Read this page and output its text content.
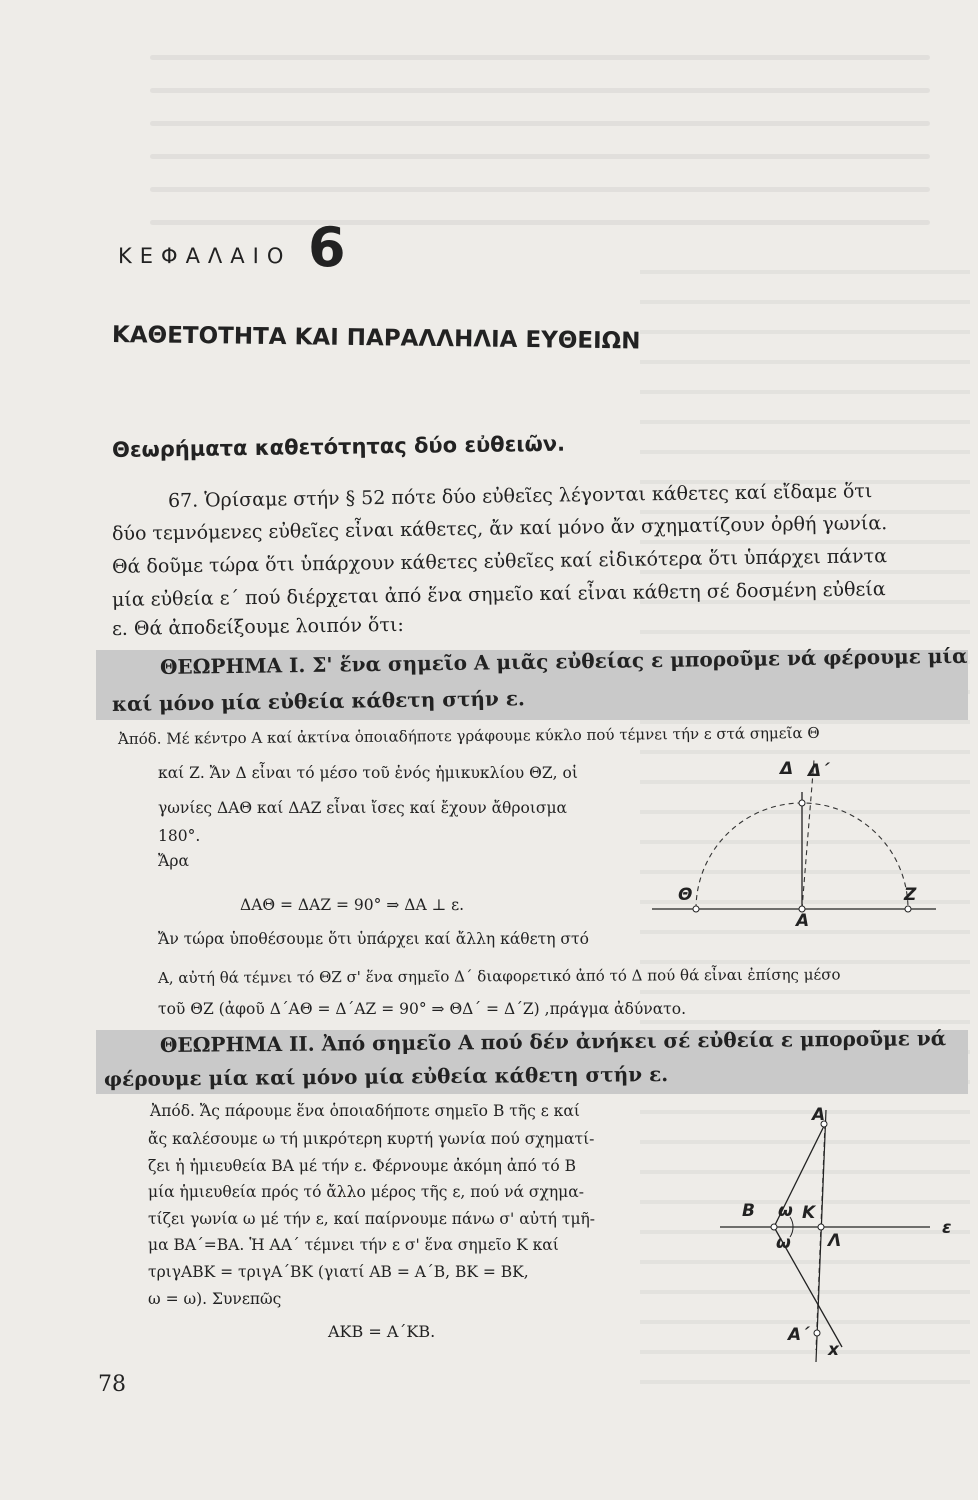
ΚΕΦΑΛΑΙΟ 6
ΚΑΘΕΤΟΤΗΤΑ ΚΑΙ ΠΑΡΑΛΛΗΛΙΑ ΕΥΘΕΙΩΝ
Θεωρήματα καθετότητας δύο εὐθειῶν.
67. Ὁρίσαμε στήν § 52 πότε δύο εὐθεῖες λέγονται κάθετες καί εἴδαμε ὅτι
δύο τεμνόμενες εὐθεῖες εἶναι κάθετες, ἄν καί μόνο ἄν σχηματίζουν ὀρθή γωνία.
Θά δοῦμε τώρα ὅτι ὑπάρχουν κάθετες εὐθεῖες καί εἰδικότερα ὅτι ὑπάρχει πάντα
μία εὐθεία ε΄ πού διέρχεται ἀπό ἕνα σημεῖο καί εἶναι κάθετη σέ δοσμένη εὐθεία
ε. Θά ἀποδείξουμε λοιπόν ὅτι:
ΘΕΩΡΗΜΑ Ι. Σ' ἕνα σημεῖο Α μιᾶς εὐθείας ε μποροῦμε νά φέρουμε μία
καί μόνο μία εὐθεία κάθετη στήν ε.
Ἀπόδ. Μέ κέντρο Α καί ἀκτίνα ὁποιαδήποτε γράφουμε κύκλο πού τέμνει τήν ε στά σημεῖα Θ
καί Ζ. Ἄν Δ εἶναι τό μέσο τοῦ ἑνός ἡμικυκλίου ΘΖ, οἱ
γωνίες ΔΑΘ καί ΔΑΖ εἶναι ἴσες καί ἔχουν ἄθροισμα
180°.
Ἄρα
ΔΑΘ = ΔΑΖ = 90° ⇒ ΔΑ ⊥ ε.
Ἄν τώρα ὑποθέσουμε ὅτι ὑπάρχει καί ἄλλη κάθετη στό
Α, αὐτή θά τέμνει τό ΘΖ σ' ἕνα σημεῖο Δ΄ διαφορετικό ἀπό τό Δ πού θά εἶναι ἐπίσης μέσο
τοῦ ΘΖ (ἀφοῦ Δ΄ΑΘ = Δ΄ΑΖ = 90° ⇒ ΘΔ΄ = Δ΄Ζ) ,πράγμα ἀδύνατο.
Δ Δ΄
Θ	Ζ
Α
ΘΕΩΡΗΜΑ ΙΙ. Ἀπό σημεῖο Α πού δέν ἀνήκει σέ εὐθεία ε μποροῦμε νά
φέρουμε μία καί μόνο μία εὐθεία κάθετη στήν ε.
Ἀπόδ. Ἄς πάρουμε ἕνα ὁποιαδήποτε σημεῖο Β τῆς ε καί
ἄς καλέσουμε ω τή μικρότερη κυρτή γωνία πού σχηματί-
ζει ἡ ἡμιευθεία ΒΑ μέ τήν ε. Φέρνουμε ἀκόμη ἀπό τό Β
μία ἡμιευθεία πρός τό ἄλλο μέρος τῆς ε, πού νά σχημα-
τίζει γωνία ω μέ τήν ε, καί παίρνουμε πάνω σ' αὐτή τμῆ-
μα ΒΑ΄=ΒΑ. Ἡ ΑΑ΄ τέμνει τήν ε σ' ἕνα σημεῖο Κ καί
τριγΑΒΚ = τριγΑ΄ΒΚ (γιατί ΑΒ = Α΄Β, ΒΚ = ΒΚ,
ω = ω). Συνεπῶς
ΑΚΒ = Α΄ΚΒ.
Α
Β ω
ω
Κ
Λ
ε
Α΄
x
78
